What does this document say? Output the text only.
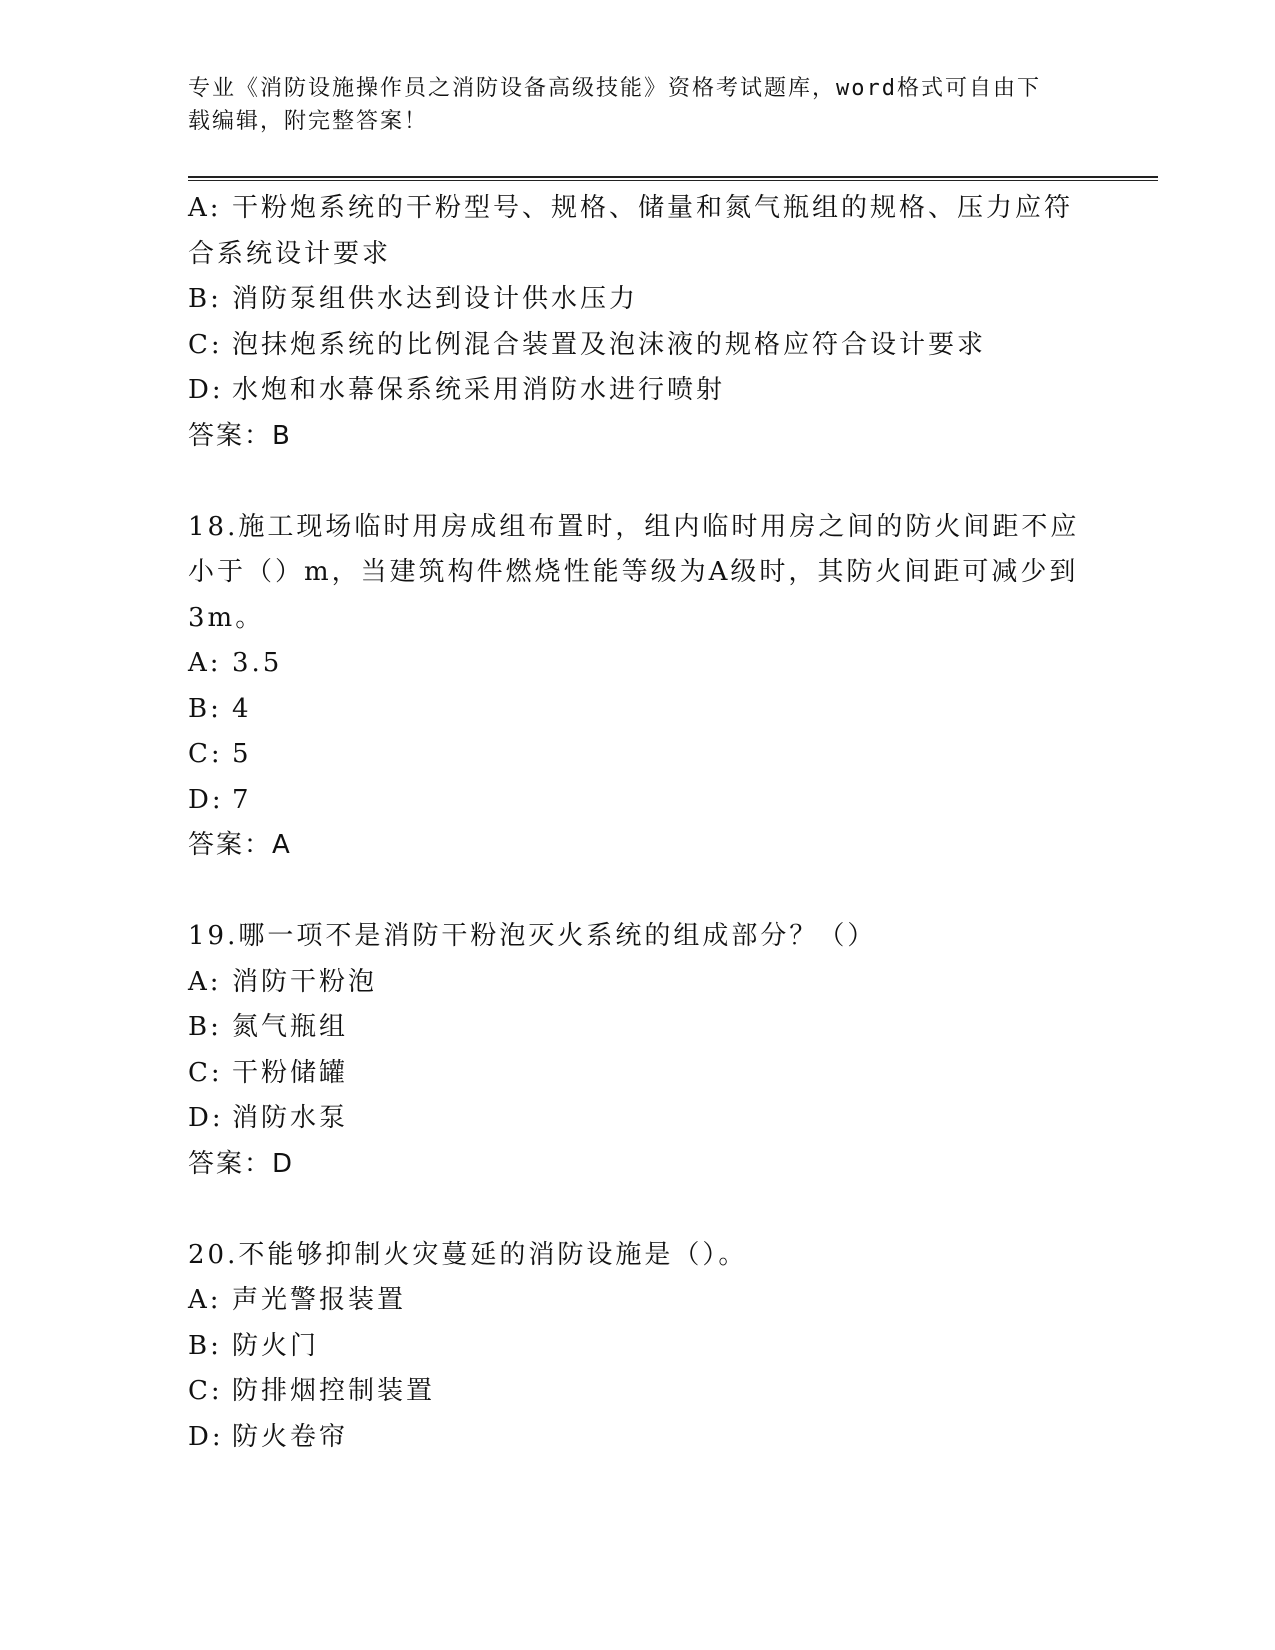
专业《消防设施操作员之消防设备高级技能》资格考试题库，word格式可自由下
载编辑，附完整答案！
A: 干粉炮系统的干粉型号、规格、储量和氮气瓶组的规格、压力应符
合系统设计要求
B: 消防泵组供水达到设计供水压力
C: 泡抹炮系统的比例混合装置及泡沫液的规格应符合设计要求
D: 水炮和水幕保系统采用消防水进行喷射
答案：B
18.施工现场临时用房成组布置时，组内临时用房之间的防火间距不应
小于（）m，当建筑构件燃烧性能等级为A级时，其防火间距可减少到
3m。
A: 3.5
B: 4
C: 5
D: 7
答案：A
19.哪一项不是消防干粉泡灭火系统的组成部分？（）
A: 消防干粉泡
B: 氮气瓶组
C: 干粉储罐
D: 消防水泵
答案：D
20.不能够抑制火灾蔓延的消防设施是（）。
A: 声光警报装置
B: 防火门
C: 防排烟控制装置
D: 防火卷帘
